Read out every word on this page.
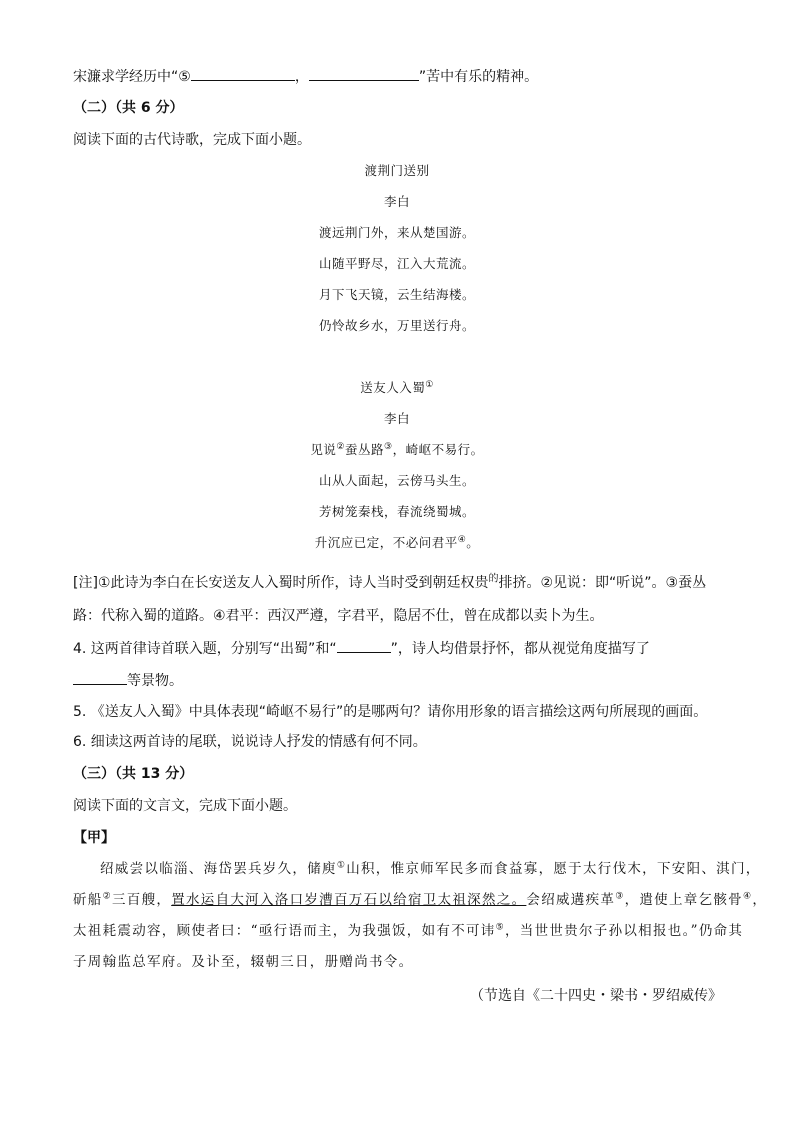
宋濂求学经历中“⑤	，	”苦中有乐的精神。
（二）（共 6 分）
阅读下面的古代诗歌，完成下面小题。
渡荆门送别
李白
渡远荆门外，来从楚国游。
山随平野尽，江入大荒流。
月下飞天镜，云生结海楼。
仍怜故乡水，万里送行舟。
送友人入蜀①
李白
见说②蚕丛路③，崎岖不易行。
山从人面起，云傍马头生。
芳树笼秦栈，春流绕蜀城。
升沉应已定，不必问君平④。
[注]①此诗为李白在长安送友人入蜀时所作，诗人当时受到朝廷权贵$^的$排挤。②见说：即“听说”。③蚕丛
路：代称入蜀的道路。④君平：西汉严遵，字君平，隐居不仕，曾在成都以卖卜为生。
4. 这两首律诗首联入题，分别写“出蜀”和“	”，诗人均借景抒怀，都从视觉角度描写了
等景物。
5. 《送友人入蜀》中具体表现“崎岖不易行”的是哪两句？请你用形象的语言描绘这两句所展现的画面。
6. 细读这两首诗的尾联，说说诗人抒发的情感有何不同。
（三）（共 13 分）
阅读下面的文言文，完成下面小题。
【甲】
绍威尝以临淄、海岱罢兵岁久，储庾①山积，惟京师军民多而食益寡，愿于太行伐木，下安阳、淇门，
斫船②三百艘，置水运自大河入洛口岁漕百万石以给宿卫太祖深然之。会绍威遘疾革③，遣使上章乞骸骨④，
太祖耗震动容，顾使者曰：“亟行语而主，为我强饭，如有不可讳⑤，当世世贵尔子孙以相报也。”仍命其
子周翰监总军府。及讣至，辍朝三日，册赠尚书令。
（节选自《二十四史・梁书・罗绍威传》
